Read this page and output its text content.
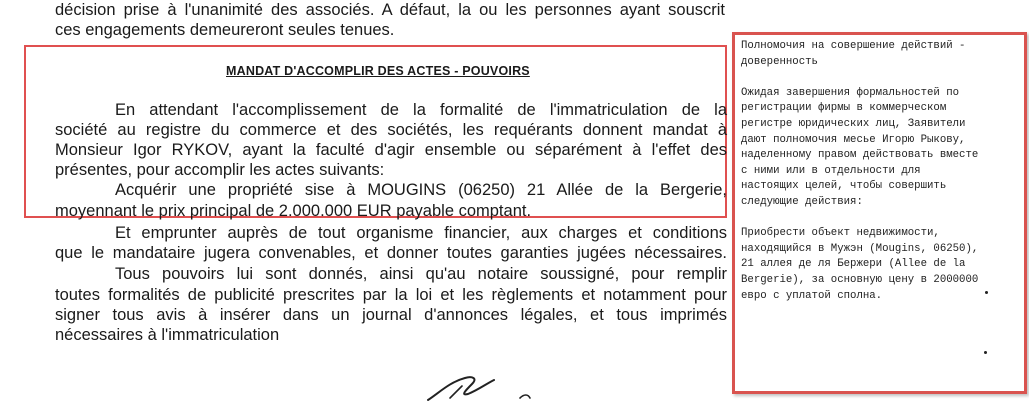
décision prise à l'unanimité des associés. A défaut, la ou les personnes ayant souscrit
ces engagements demeureront seules tenues.
MANDAT D'ACCOMPLIR DES ACTES - POUVOIRS
En attendant l'accomplissement de la formalité de l'immatriculation de la
société au registre du commerce et des sociétés, les requérants donnent mandat à
Monsieur Igor RYKOV, ayant la faculté d'agir ensemble ou séparément à l'effet des
présentes, pour accomplir les actes suivants:
Acquérir une propriété sise à MOUGINS (06250) 21 Allée de la Bergerie,
moyennant le prix principal de 2.000.000 EUR payable comptant.
Et emprunter auprès de tout organisme financier, aux charges et conditions
que le mandataire jugera convenables, et donner toutes garanties jugées nécessaires.
Tous pouvoirs lui sont donnés, ainsi qu'au notaire soussigné, pour remplir
toutes formalités de publicité prescrites par la loi et les règlements et notamment pour
signer tous avis à insérer dans un journal d'annonces légales, et tous imprimés
nécessaires à l'immatriculation
Полномочия на совершение действий -
доверенность

Ожидая завершения формальностей по
регистрации фирмы в коммерческом
регистре юридических лиц, Заявители
дают полномочия месье Игорю Рыкову,
наделенному правом действовать вместе
с ними или в отдельности для
настоящих целей, чтобы совершить
следующие действия:

Приобрести объект недвижимости,
находящийся в Мужэн (Mougins, 06250),
21 аллея де ля Бержери (Allee de la
Bergerie), за основную цену в 2000000
евро с уплатой сполна.
